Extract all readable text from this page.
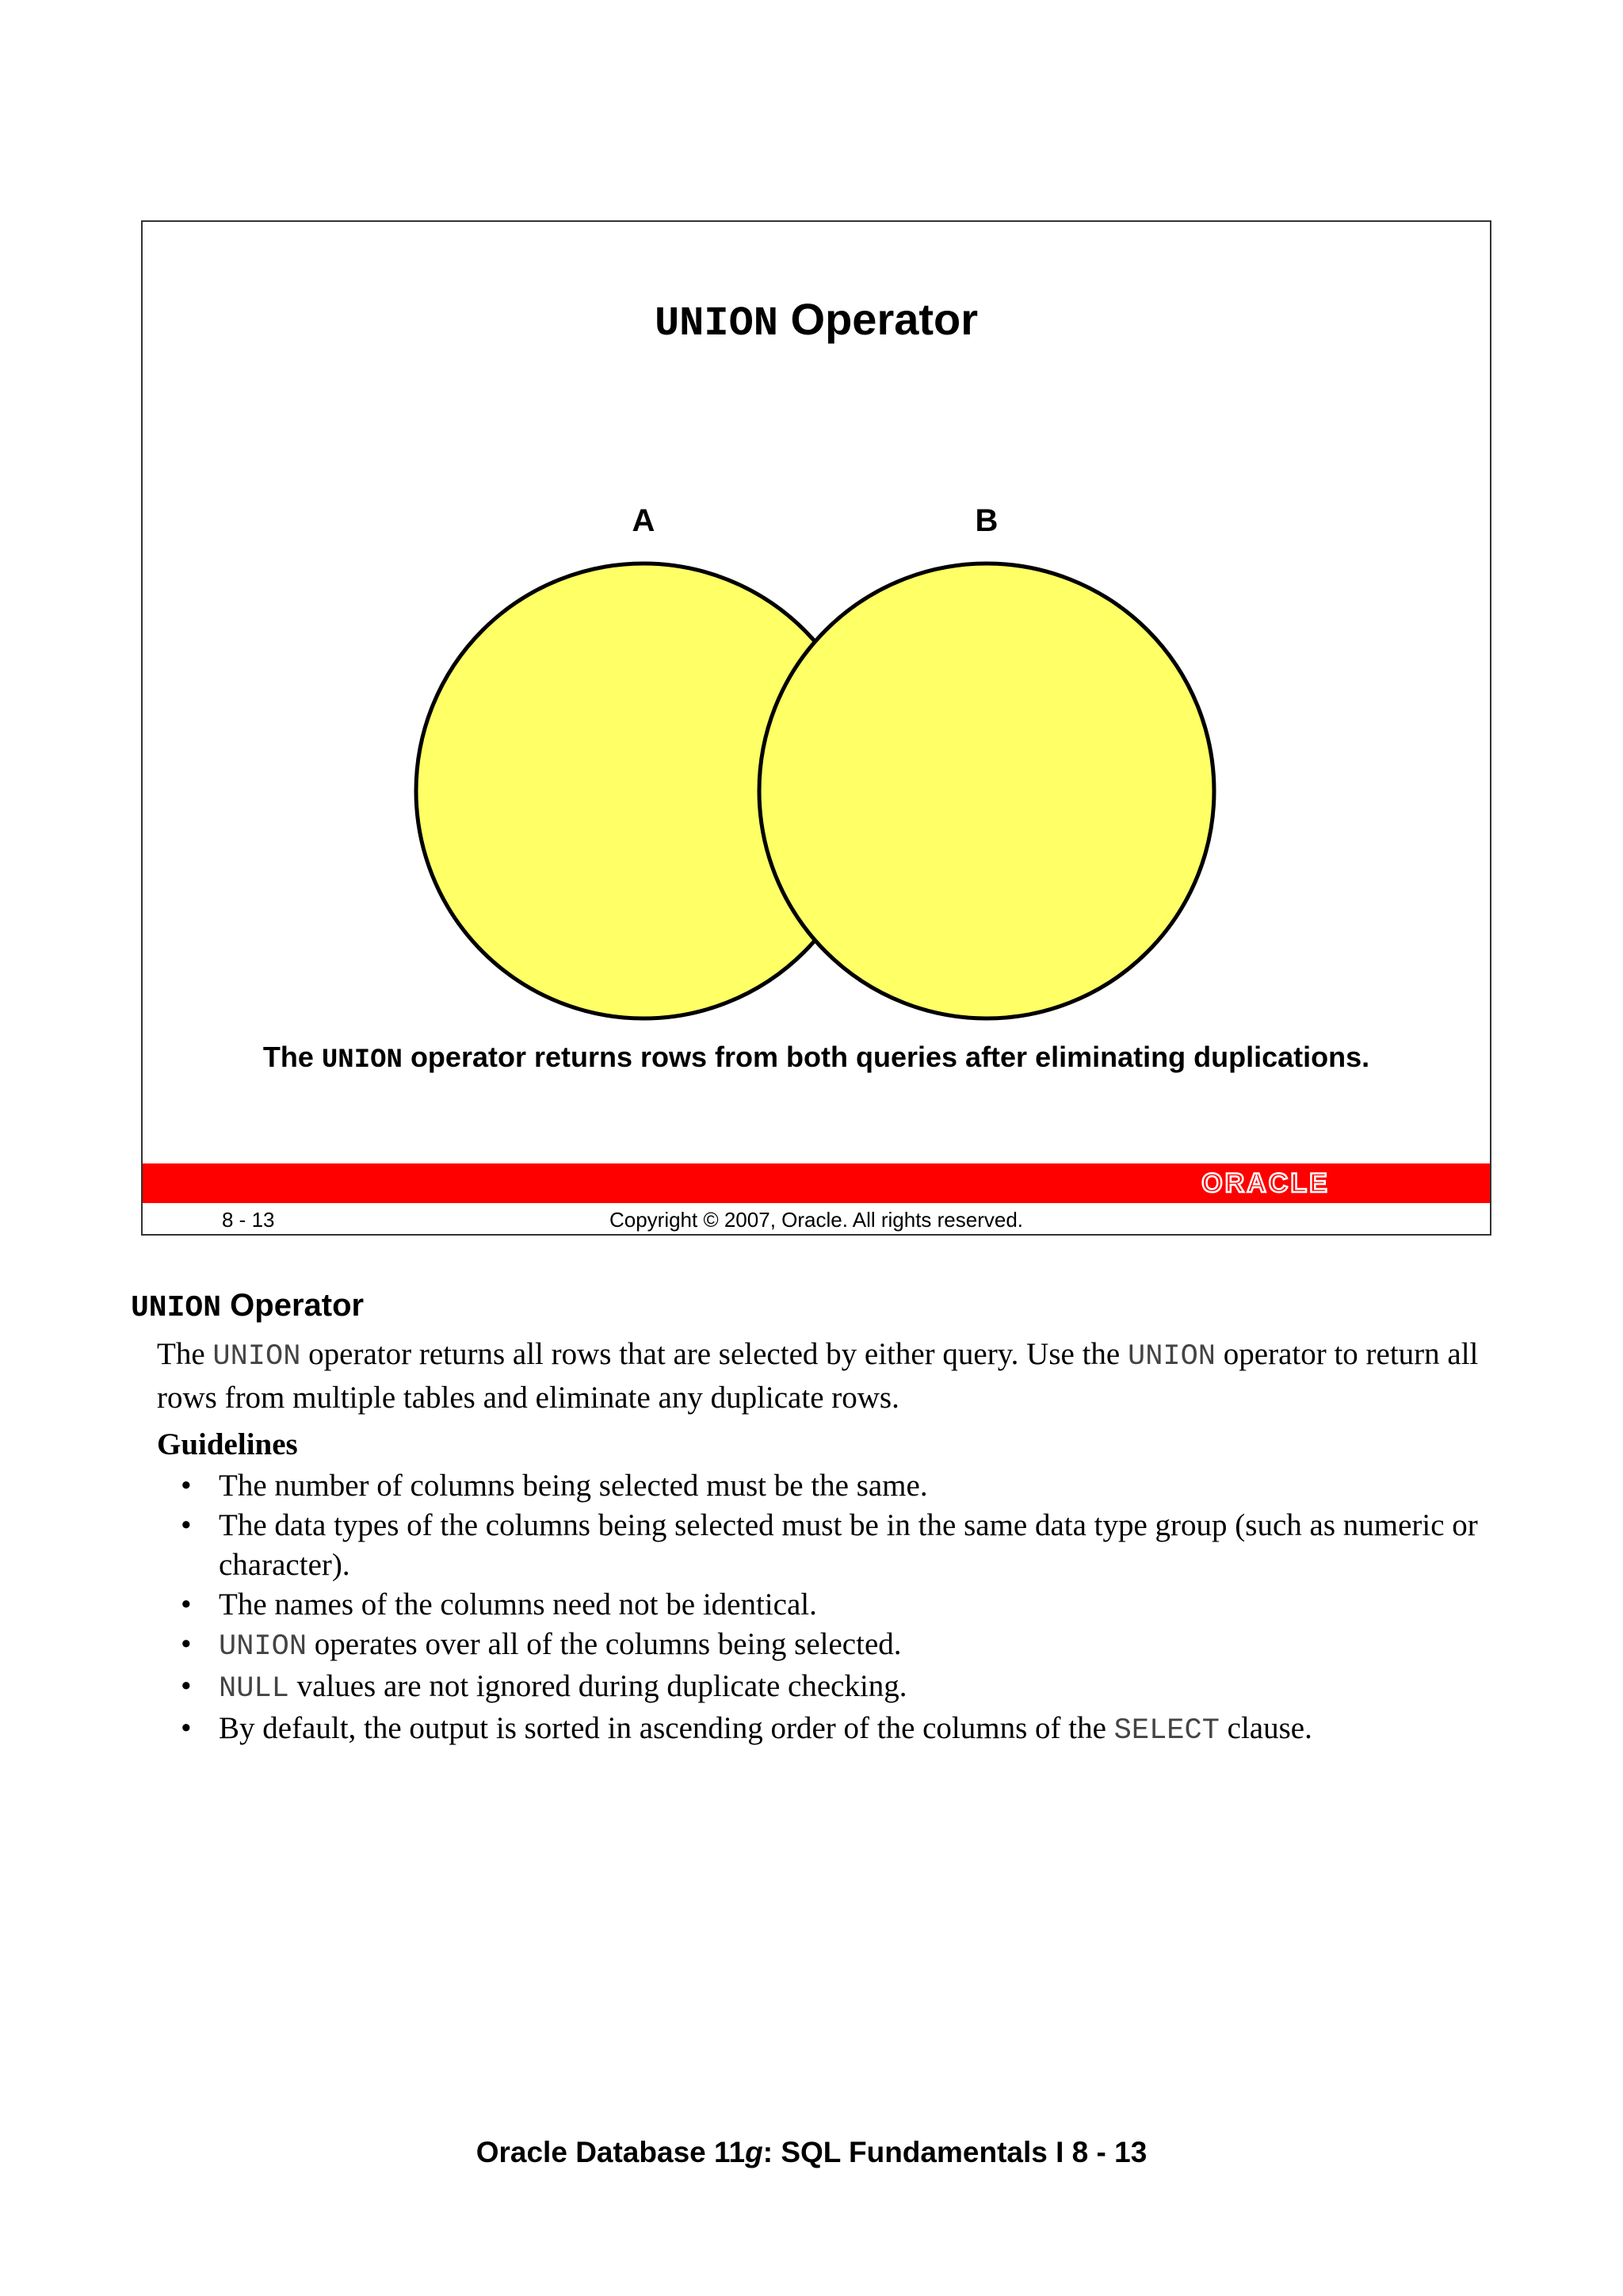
UNION Operator
A	B
The UNION operator returns rows from both queries after eliminating duplications.
ORACLE
8 - 13	Copyright © 2007, Oracle. All rights reserved.
UNION Operator
The UNION operator returns all rows that are selected by either query. Use the UNION operator to return all rows from multiple tables and eliminate any duplicate rows.
Guidelines
• The number of columns being selected must be the same.
• The data types of the columns being selected must be in the same data type group (such as numeric or character).
• The names of the columns need not be identical.
• UNION operates over all of the columns being selected.
• NULL values are not ignored during duplicate checking.
• By default, the output is sorted in ascending order of the columns of the SELECT clause.
Oracle Database 11g: SQL Fundamentals I 8 - 13
